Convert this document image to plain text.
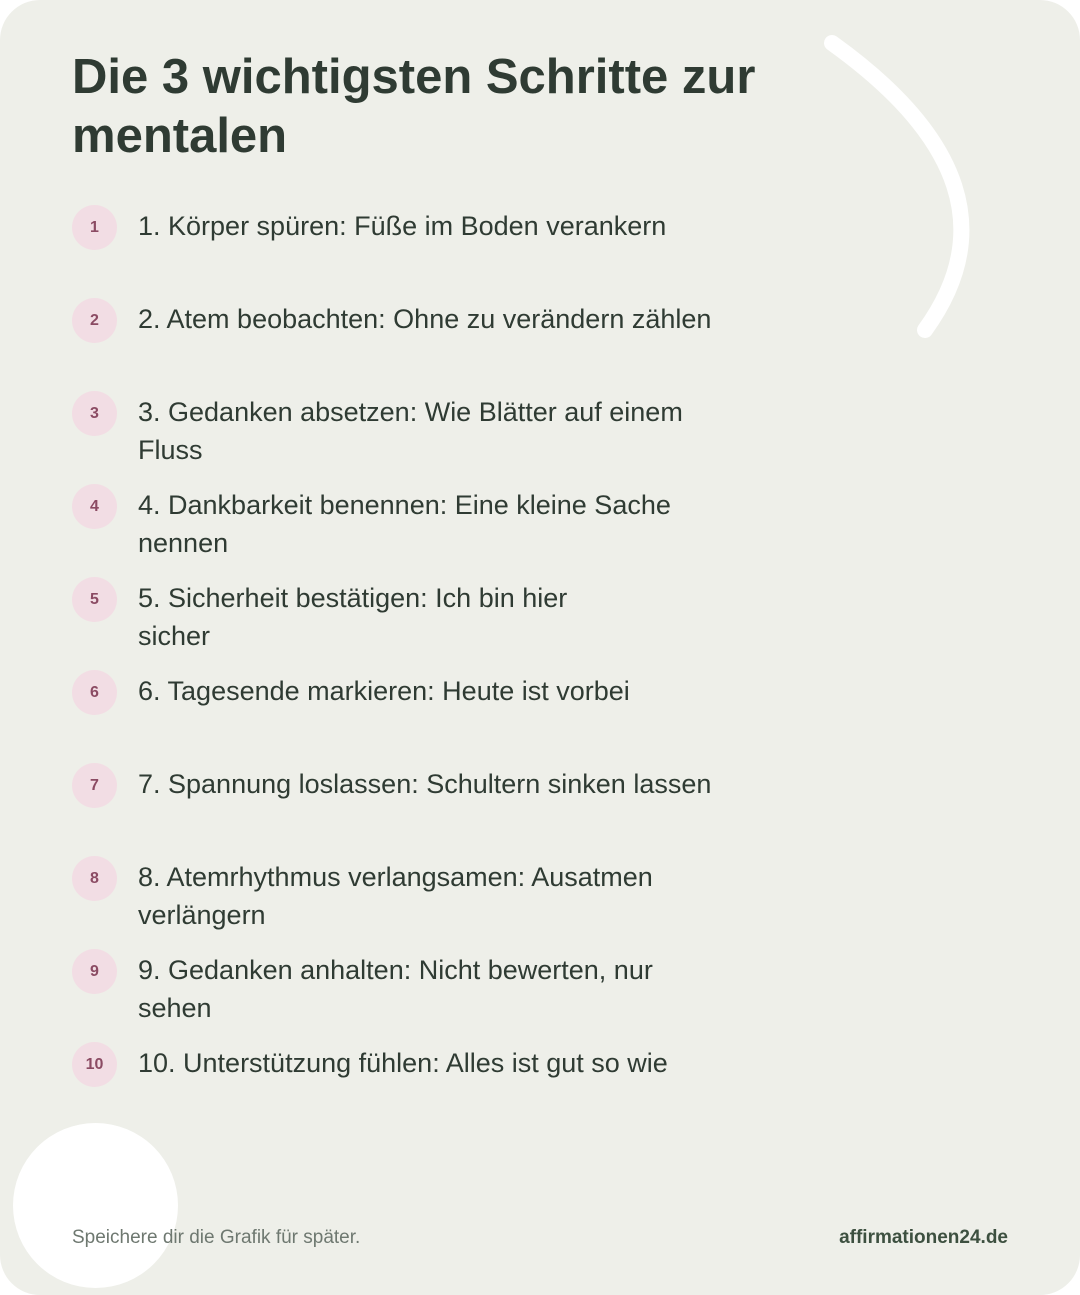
Die 3 wichtigsten Schritte zur mentalen
1	1. Körper spüren: Füße im Boden verankern
2	2. Atem beobachten: Ohne zu verändern zählen
3	3. Gedanken absetzen: Wie Blätter auf einem Fluss
4	4. Dankbarkeit benennen: Eine kleine Sache nennen
5	5. Sicherheit bestätigen: Ich bin hier sicher
6	6. Tagesende markieren: Heute ist vorbei
7	7. Spannung loslassen: Schultern sinken lassen
8	8. Atemrhythmus verlangsamen: Ausatmen verlängern
9	9. Gedanken anhalten: Nicht bewerten, nur sehen
10	10. Unterstützung fühlen: Alles ist gut so wie
Speichere dir die Grafik für später.	affirmationen24.de
